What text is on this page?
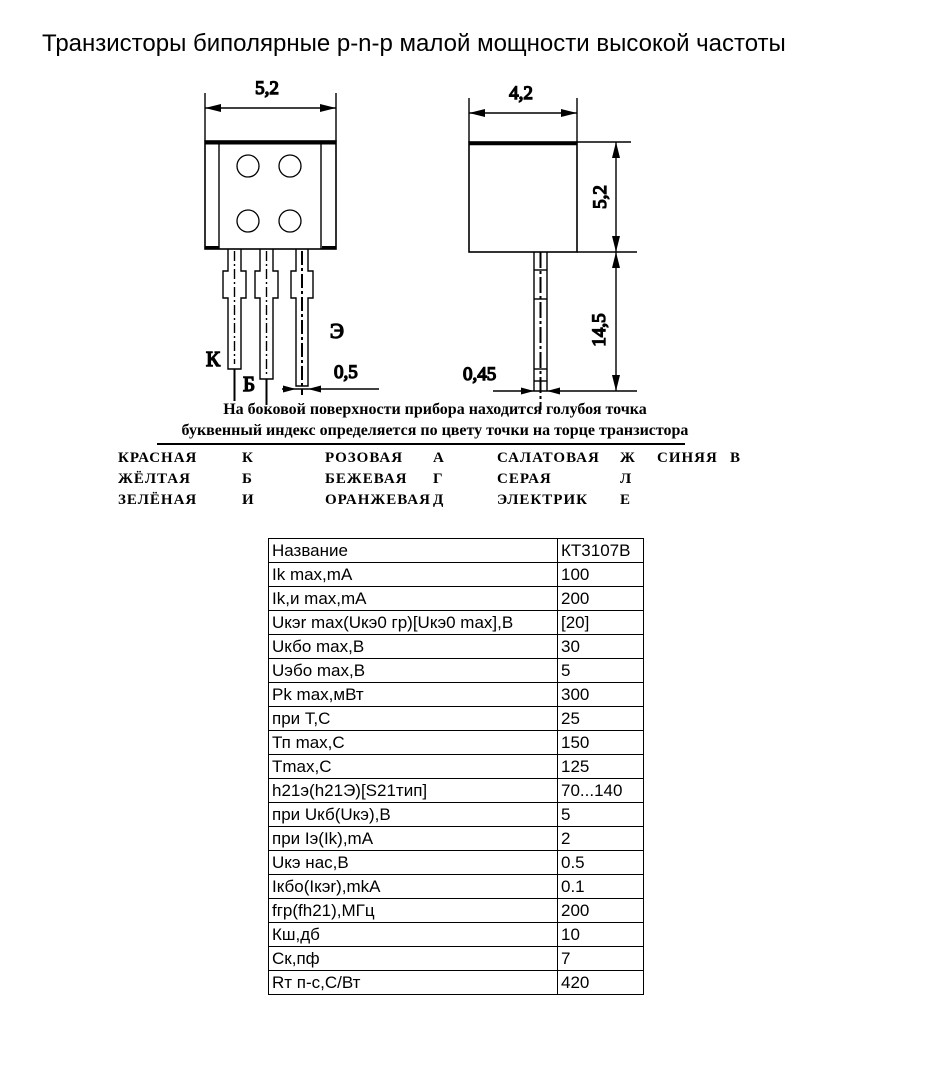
Транзисторы биполярные p-n-p малой мощности высокой частоты
5,2
К
Б
Э
0,5
4,2
5,2
14,5
0,45
На боковой поверхности прибора находится голубоя точка
буквенный индекс определяется по цвету точки на торце транзистора
КРАСНАЯ	К	РОЗОВАЯ А	САЛАТОВАЯ Ж СИНЯЯ В
ЖЁЛТАЯ	Б	БЕЖЕВАЯ Г	СЕРАЯ	Л
ЗЕЛЁНАЯ	И	ОРАНЖЕВАЯ Д	ЭЛЕКТРИК Е
Название	КТ3107В
Ik max,mA	100
Ik,и max,mA	200
Uкэr max(Uкэ0 гр)[Uкэ0 max],В	[20]
Uкбо max,В	30
Uэбо max,В	5
Pk max,мВт	300
при Т,С	25
Тп max,С	150
Tmax,С	125
h21э(h21Э)[S21тип]	70...140
при Uкб(Uкэ),В	5
при Iэ(Ik),mA	2
Uкэ нас,В	0.5
Iкбо(Iкэr),mkA	0.1
fгр(fh21),МГц	200
Кш,дб	10
Ск,пф	7
Rт п-с,С/Вт	420
